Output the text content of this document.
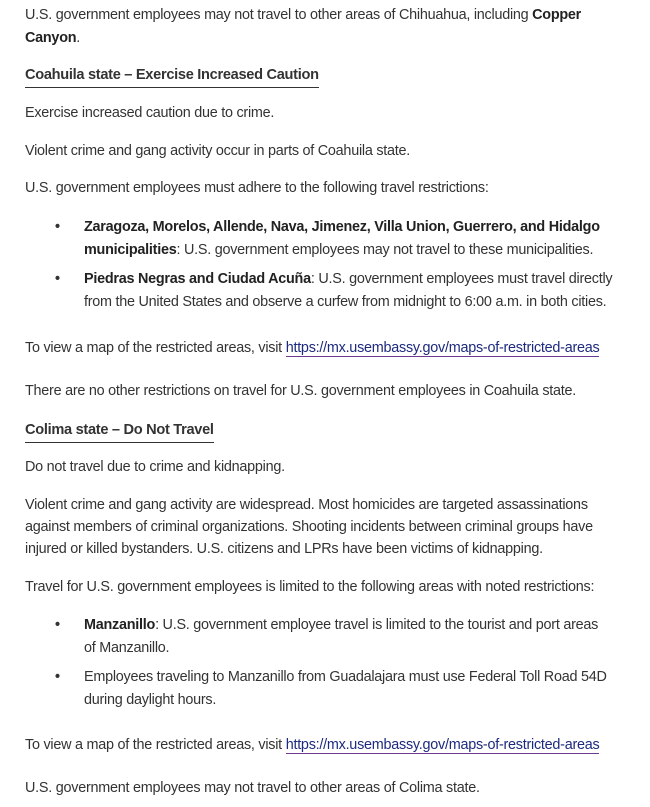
U.S. government employees may not travel to other areas of Chihuahua, including Copper

Canyon.

Coahuila state – Exercise Increased Caution

Exercise increased caution due to crime.

Violent crime and gang activity occur in parts of Coahuila state.

U.S. government employees must adhere to the following travel restrictions:

•	Zaragoza, Morelos, Allende, Nava, Jimenez, Villa Union, Guerrero, and Hidalgo
municipalities: U.S. government employees may not travel to these municipalities.
•	Piedras Negras and Ciudad Acuña: U.S. government employees must travel directly
from the United States and observe a curfew from midnight to 6:00 a.m. in both cities.

To view a map of the restricted areas, visit https://mx.usembassy.gov/maps-of-restricted-areas

There are no other restrictions on travel for U.S. government employees in Coahuila state.

Colima state – Do Not Travel

Do not travel due to crime and kidnapping.

Violent crime and gang activity are widespread. Most homicides are targeted assassinations

against members of criminal organizations. Shooting incidents between criminal groups have

injured or killed bystanders. U.S. citizens and LPRs have been victims of kidnapping.

Travel for U.S. government employees is limited to the following areas with noted restrictions:

•	Manzanillo: U.S. government employee travel is limited to the tourist and port areas
of Manzanillo.
•	Employees traveling to Manzanillo from Guadalajara must use Federal Toll Road 54D
during daylight hours.

To view a map of the restricted areas, visit https://mx.usembassy.gov/maps-of-restricted-areas

U.S. government employees may not travel to other areas of Colima state.
